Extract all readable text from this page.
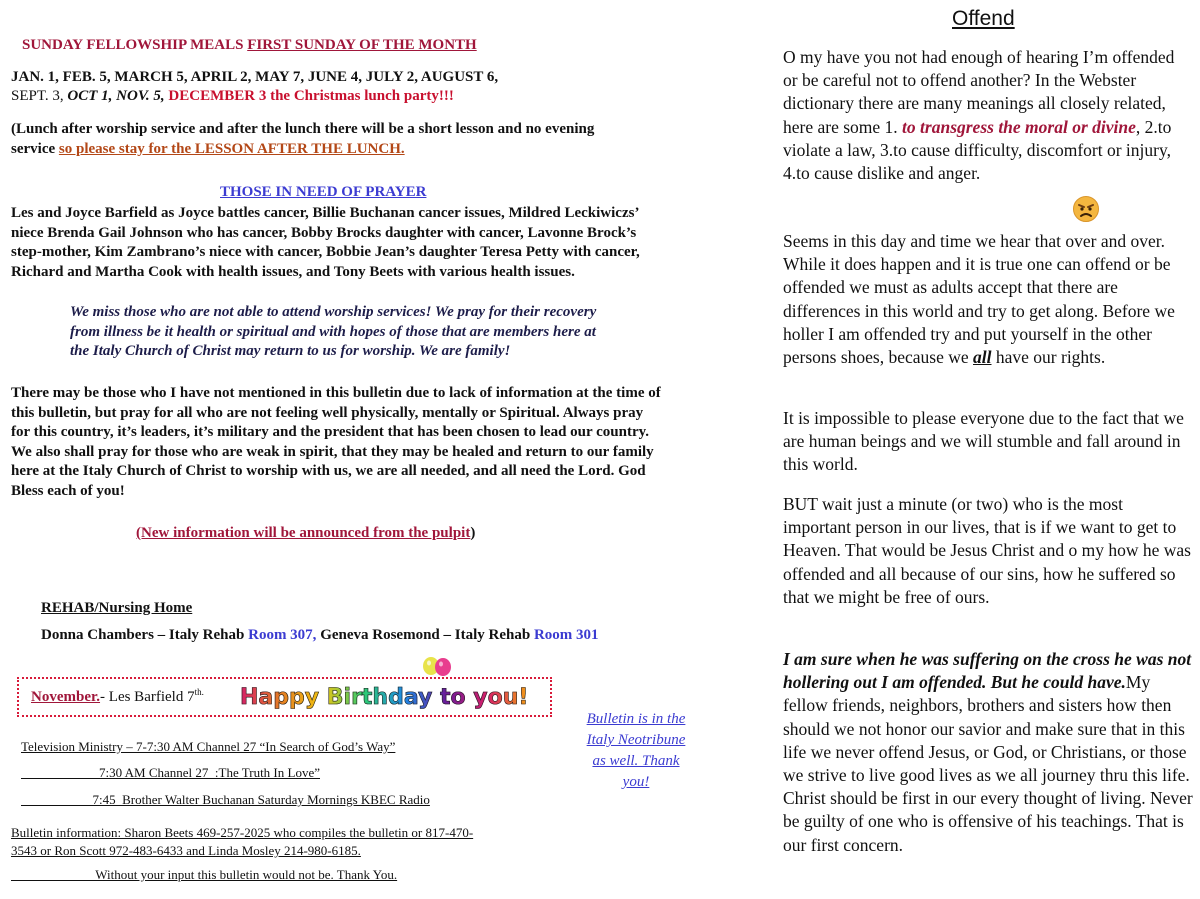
SUNDAY FELLOWSHIP MEALS FIRST SUNDAY OF THE MONTH
JAN. 1, FEB. 5, MARCH 5, APRIL 2, MAY 7, JUNE 4, JULY 2, AUGUST 6,
SEPT. 3, OCT 1, NOV. 5, DECEMBER 3 the Christmas lunch party!!!
(Lunch after worship service and after the lunch there will be a short lesson and no evening service so please stay for the LESSON AFTER THE LUNCH.
THOSE IN NEED OF PRAYER
Les and Joyce Barfield as Joyce battles cancer, Billie Buchanan cancer issues, Mildred Leckiwiczs’ niece Brenda Gail Johnson who has cancer, Bobby Brocks daughter with cancer, Lavonne Brock’s step-mother, Kim Zambrano’s niece with cancer, Bobbie Jean’s daughter Teresa Petty with cancer, Richard and Martha Cook with health issues, and Tony Beets with various health issues.
We miss those who are not able to attend worship services! We pray for their recovery from illness be it health or spiritual and with hopes of those that are members here at the Italy Church of Christ may return to us for worship. We are family!
There may be those who I have not mentioned in this bulletin due to lack of information at the time of this bulletin, but pray for all who are not feeling well physically, mentally or Spiritual. Always pray for this country, it’s leaders, it’s military and the president that has been chosen to lead our country.
We also shall pray for those who are weak in spirit, that they may be healed and return to our family here at the Italy Church of Christ to worship with us, we are all needed, and all need the Lord. God Bless each of you!
(New information will be announced from the pulpit)
REHAB/Nursing Home
Donna Chambers – Italy Rehab Room 307, Geneva Rosemond – Italy Rehab Room 301
November.- Les Barfield $7^{th.}$ Happy Birthday to you!
Television Ministry – 7-7:30 AM Channel 27 “In Search of God’s Way”
7:30 AM Channel 27  :The Truth In Love”
7:45  Brother Walter Buchanan Saturday Mornings KBEC Radio
Bulletin information: Sharon Beets 469-257-2025 who compiles the bulletin or 817-470-3543 or Ron Scott 972-483-6433 and Linda Mosley 214-980-6185.
Without your input this bulletin would not be. Thank You.
Bulletin is in the Italy Neotribune as well. Thank you!
Offend
O my have you not had enough of hearing I’m offended or be careful not to offend another? In the Webster dictionary there are many meanings all closely related, here are some 1. to transgress the moral or divine, 2.to violate a law, 3.to cause difficulty, discomfort or injury, 4.to cause dislike and anger.
Seems in this day and time we hear that over and over. While it does happen and it is true one can offend or be offended we must as adults accept that there are differences in this world and try to get along. Before we holler I am offended try and put yourself in the other persons shoes, because we all have our rights.
It is impossible to please everyone due to the fact that we are human beings and we will stumble and fall around in this world.
BUT wait just a minute (or two) who is the most important person in our lives, that is if we want to get to Heaven. That would be Jesus Christ and o my how he was offended and all because of our sins, how he suffered so that we might be free of ours.
I am sure when he was suffering on the cross he was not hollering out I am offended. But he could have.My fellow friends, neighbors, brothers and sisters how then should we not honor our savior and make sure that in this life we never offend Jesus, or God, or Christians, or those we strive to live good lives as we all journey thru this life. Christ should be first in our every thought of living. Never be guilty of one who is offensive of his teachings. That is our first concern.
